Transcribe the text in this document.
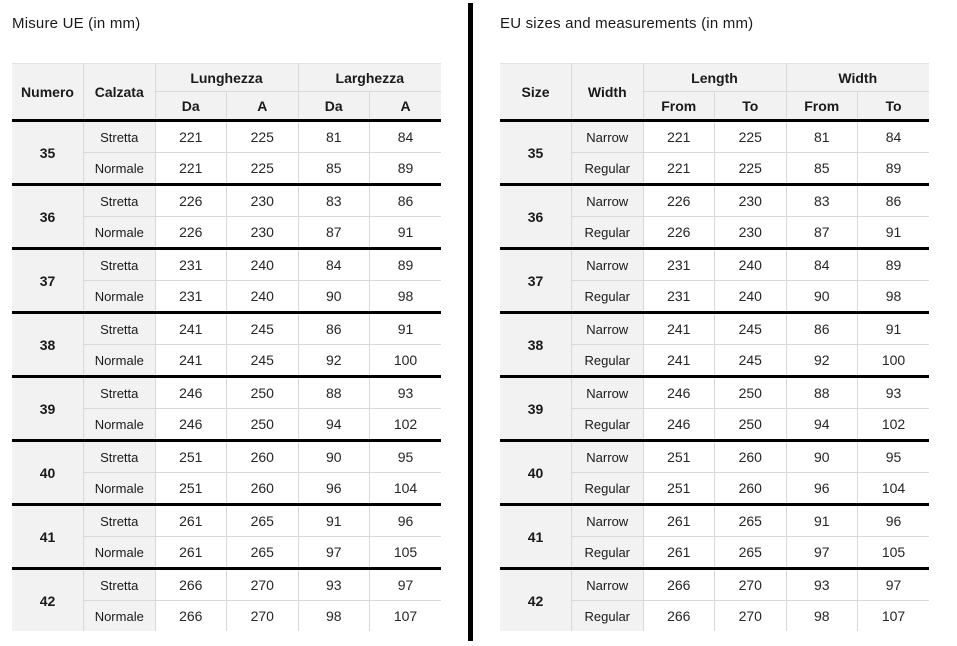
Misure UE (in mm)
Numero	Calzata	Lunghezza		Larghezza	
		Da	A	Da	A
35	Stretta	221	225	81	84
	Normale	221	225	85	89
36	Stretta	226	230	83	86
	Normale	226	230	87	91
37	Stretta	231	240	84	89
	Normale	231	240	90	98
38	Stretta	241	245	86	91
	Normale	241	245	92	100
39	Stretta	246	250	88	93
	Normale	246	250	94	102
40	Stretta	251	260	90	95
	Normale	251	260	96	104
41	Stretta	261	265	91	96
	Normale	261	265	97	105
42	Stretta	266	270	93	97
	Normale	266	270	98	107
EU sizes and measurements (in mm)
Size	Width	Length		Width	
		From	To	From	To
35	Narrow	221	225	81	84
	Regular	221	225	85	89
36	Narrow	226	230	83	86
	Regular	226	230	87	91
37	Narrow	231	240	84	89
	Regular	231	240	90	98
38	Narrow	241	245	86	91
	Regular	241	245	92	100
39	Narrow	246	250	88	93
	Regular	246	250	94	102
40	Narrow	251	260	90	95
	Regular	251	260	96	104
41	Narrow	261	265	91	96
	Regular	261	265	97	105
42	Narrow	266	270	93	97
	Regular	266	270	98	107
